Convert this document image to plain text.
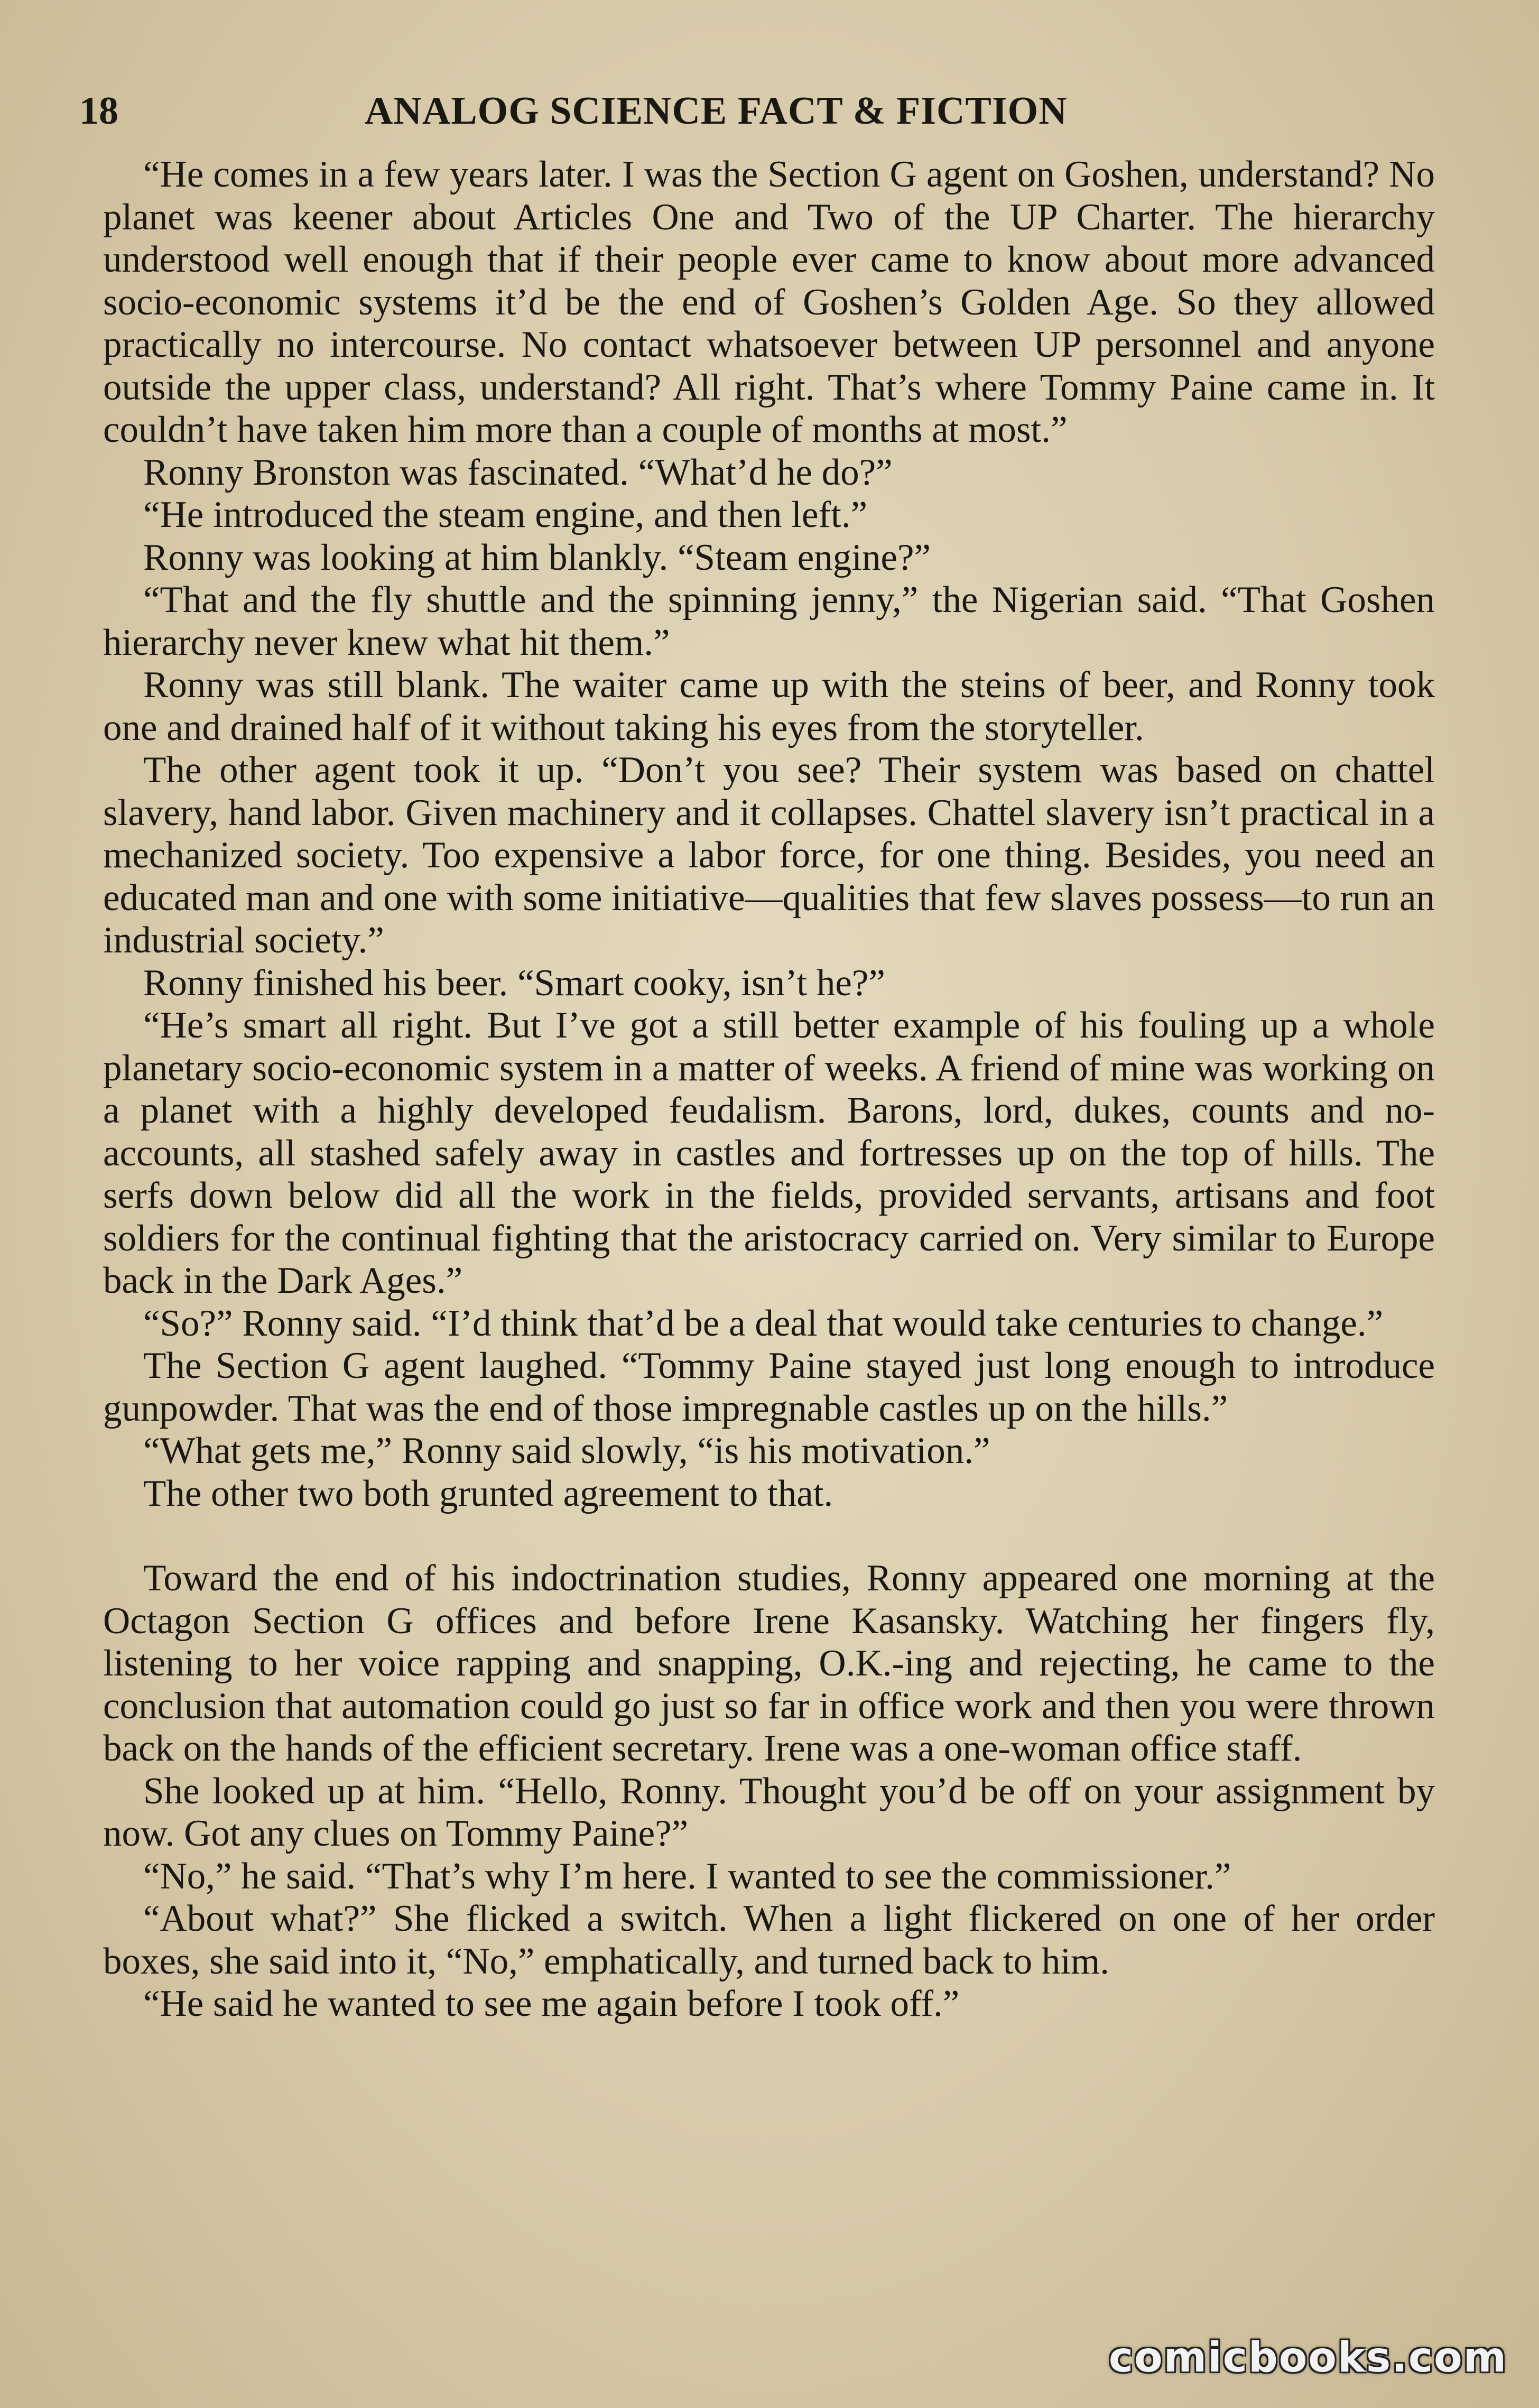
18	ANALOG SCIENCE FACT & FICTION

“He comes in a few years later. I was the Section G agent on Goshen, understand? No planet was keener about Articles One and Two of the UP Charter. The hierarchy understood well enough that if their people ever came to know about more advanced socio-economic systems it’d be the end of Goshen’s Golden Age. So they allowed practically no intercourse. No contact whatsoever between UP personnel and anyone outside the upper class, understand? All right. That’s where Tommy Paine came in. It couldn’t have taken him more than a couple of months at most.”

Ronny Bronston was fascinated. “What’d he do?”

“He introduced the steam engine, and then left.”

Ronny was looking at him blankly. “Steam engine?”

“That and the fly shuttle and the spinning jenny,” the Nigerian said. “That Goshen hierarchy never knew what hit them.”

Ronny was still blank. The waiter came up with the steins of beer, and Ronny took one and drained half of it without taking his eyes from the storyteller.

The other agent took it up. “Don’t you see? Their system was based on chattel slavery, hand labor. Given machinery and it collapses. Chattel slavery isn’t practical in a mechanized society. Too expensive a labor force, for one thing. Besides, you need an educated man and one with some initiative—qualities that few slaves possess—to run an industrial society.”

Ronny finished his beer. “Smart cooky, isn’t he?”

“He’s smart all right. But I’ve got a still better example of his fouling up a whole planetary socio-economic system in a matter of weeks. A friend of mine was working on a planet with a highly developed feudalism. Barons, lord, dukes, counts and no-accounts, all stashed safely away in castles and fortresses up on the top of hills. The serfs down below did all the work in the fields, provided servants, artisans and foot soldiers for the continual fighting that the aristocracy carried on. Very similar to Europe back in the Dark Ages.”

“So?” Ronny said. “I’d think that’d be a deal that would take centuries to change.”

The Section G agent laughed. “Tommy Paine stayed just long enough to introduce gunpowder. That was the end of those impregnable castles up on the hills.”

“What gets me,” Ronny said slowly, “is his motivation.”

The other two both grunted agreement to that.

Toward the end of his indoctrination studies, Ronny appeared one morning at the Octagon Section G offices and before Irene Kasansky. Watching her fingers fly, listening to her voice rapping and snapping, O.K.-ing and rejecting, he came to the conclusion that automation could go just so far in office work and then you were thrown back on the hands of the efficient secretary. Irene was a one-woman office staff.

She looked up at him. “Hello, Ronny. Thought you’d be off on your assignment by now. Got any clues on Tommy Paine?”

“No,” he said. “That’s why I’m here. I wanted to see the commissioner.”

“About what?” She flicked a switch. When a light flickered on one of her order boxes, she said into it, “No,” emphatically, and turned back to him.

“He said he wanted to see me again before I took off.”

comicbooks.com
